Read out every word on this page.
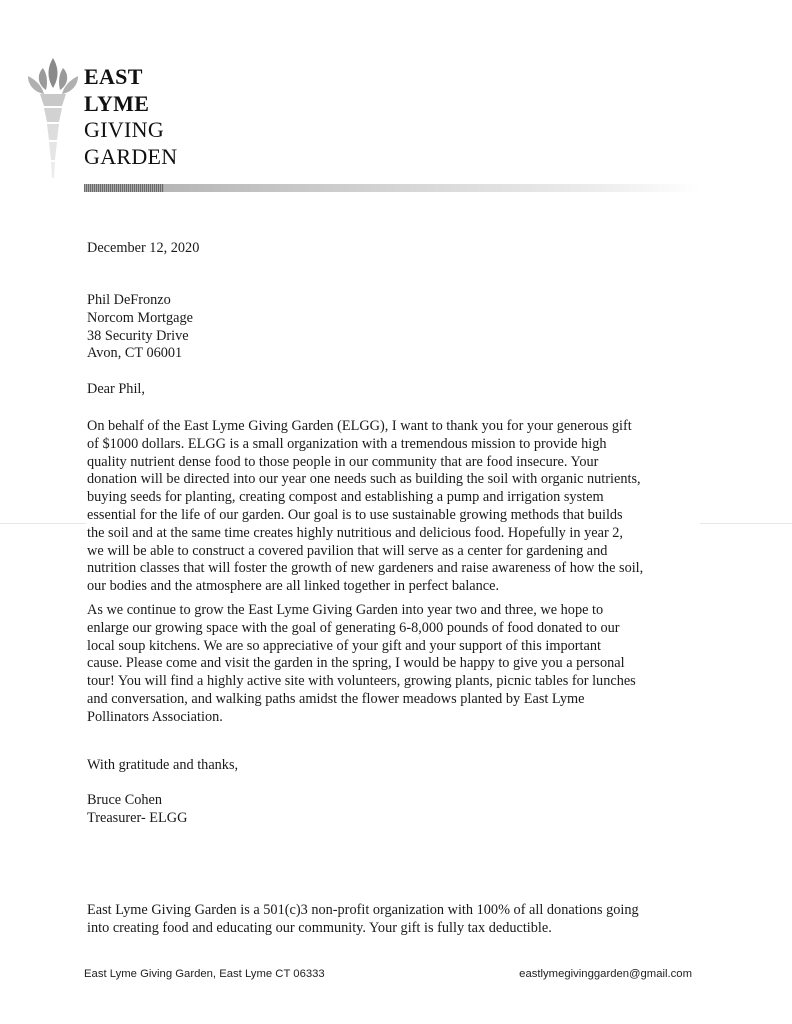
EAST
LYME
GIVING
GARDEN

December 12, 2020

Phil DeFronzo
Norcom Mortgage
38 Security Drive
Avon, CT 06001

Dear Phil,

On behalf of the East Lyme Giving Garden (ELGG), I want to thank you for your generous gift
of $1000 dollars. ELGG is a small organization with a tremendous mission to provide high
quality nutrient dense food to those people in our community that are food insecure. Your
donation will be directed into our year one needs such as building the soil with organic nutrients,
buying seeds for planting, creating compost and establishing a pump and irrigation system
essential for the life of our garden. Our goal is to use sustainable growing methods that builds
the soil and at the same time creates highly nutritious and delicious food. Hopefully in year 2,
we will be able to construct a covered pavilion that will serve as a center for gardening and
nutrition classes that will foster the growth of new gardeners and raise awareness of how the soil,
our bodies and the atmosphere are all linked together in perfect balance.
As we continue to grow the East Lyme Giving Garden into year two and three, we hope to
enlarge our growing space with the goal of generating 6-8,000 pounds of food donated to our
local soup kitchens. We are so appreciative of your gift and your support of this important
cause. Please come and visit the garden in the spring, I would be happy to give you a personal
tour! You will find a highly active site with volunteers, growing plants, picnic tables for lunches
and conversation, and walking paths amidst the flower meadows planted by East Lyme
Pollinators Association.

With gratitude and thanks,

Bruce Cohen
Treasurer- ELGG
East Lyme Giving Garden is a 501(c)3 non-profit organization with 100% of all donations going
into creating food and educating our community. Your gift is fully tax deductible.
East Lyme Giving Garden, East Lyme CT 06333	eastlymegivinggarden@gmail.com
